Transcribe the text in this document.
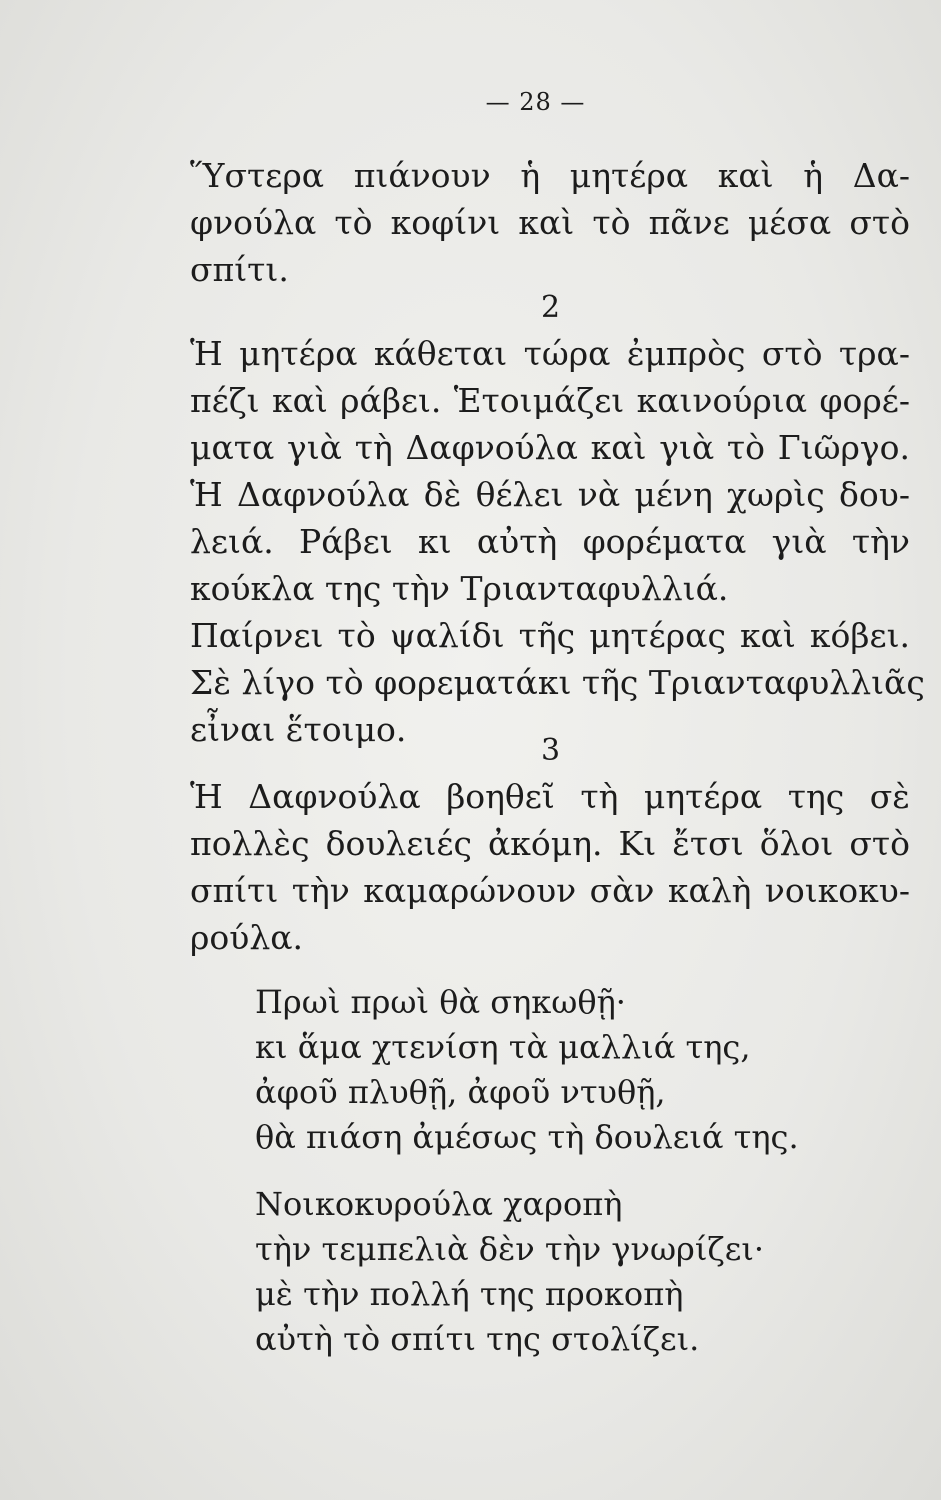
— 28 —
Ὕστερα πιάνουν ἡ μητέρα καὶ ἡ Δα-
φνούλα τὸ κοφίνι καὶ τὸ πᾶνε μέσα στὸ
σπίτι.
2
Ἡ μητέρα κάθεται τώρα ἐμπρὸς στὸ τρα-
πέζι καὶ ράβει. Ἑτοιμάζει καινούρια φορέ-
ματα γιὰ τὴ Δαφνούλα καὶ γιὰ τὸ Γιῶργο.
Ἡ Δαφνούλα δὲ θέλει νὰ μένη χωρὶς δου-
λειά. Ράβει κι αὐτὴ φορέματα γιὰ τὴν
κούκλα της τὴν Τριανταφυλλιά.
Παίρνει τὸ ψαλίδι τῆς μητέρας καὶ κόβει.
Σὲ λίγο τὸ φορεματάκι τῆς Τριανταφυλλιᾶς
εἶναι ἕτοιμο.
3
Ἡ Δαφνούλα βοηθεῖ τὴ μητέρα της σὲ
πολλὲς δουλειές ἀκόμη. Κι ἔτσι ὅλοι στὸ
σπίτι τὴν καμαρώνουν σὰν καλὴ νοικοκυ-
ρούλα.
Πρωὶ πρωὶ θὰ σηκωθῇ·
κι ἅμα χτενίση τὰ μαλλιά της,
ἀφοῦ πλυθῇ, ἀφοῦ ντυθῇ,
θὰ πιάση ἀμέσως τὴ δουλειά της.
Νοικοκυρούλα χαροπὴ
τὴν τεμπελιὰ δὲν τὴν γνωρίζει·
μὲ τὴν πολλή της προκοπὴ
αὐτὴ τὸ σπίτι της στολίζει.
